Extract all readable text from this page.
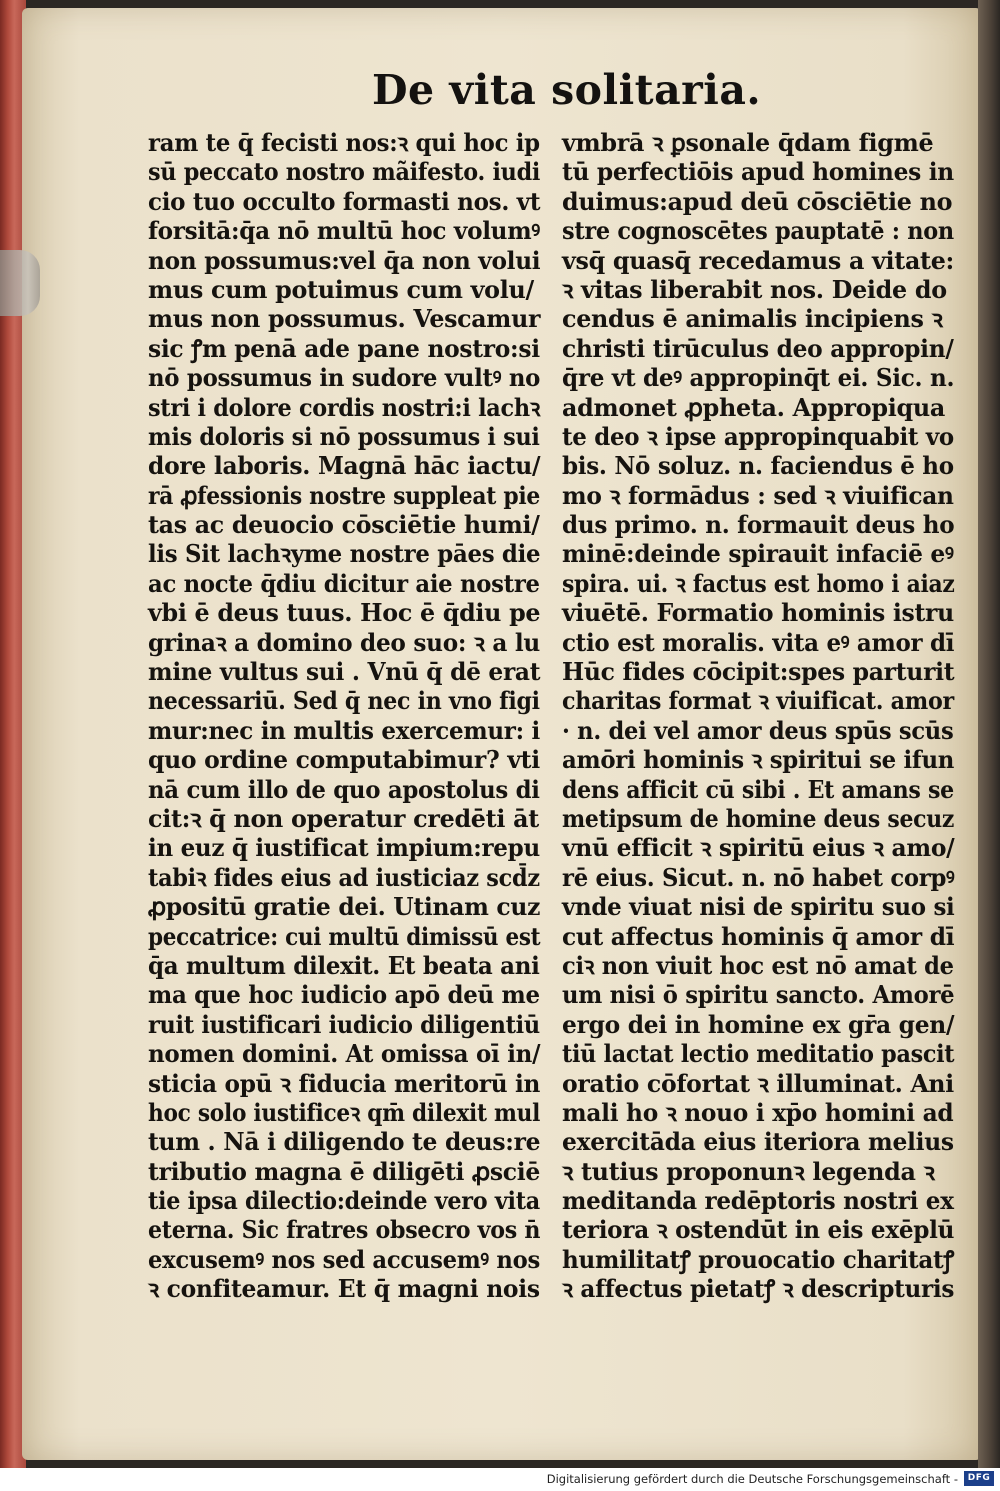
De vita solitaria.
ram te q̄ fecisti nos:ꝛ qui hoc ip
sū peccato nostro mãifesto. iudi
cio tuo occulto formasti nos. vt
forsitā:q̄a nō multū hoc volumꝰ
non possumus:vel q̄a non volui
mus cum potuimus cum volu/
mus non possumus. Vescamur
sic ꝭm penā ade pane nostro:si
nō possumus in sudore vultꝰ no
stri i dolore cordis nostri:i lachꝛ
mis doloris si nō possumus i sui
dore laboris. Magnā hāc iactu/
rā ꝓfessionis nostre suppleat pie
tas ac deuocio cōsciētie humi/
lis Sit lachꝛyme nostre pāes die
ac nocte q̄diu dicitur aie nostre
vbi ē deus tuus. Hoc ē q̄diu pe
grinaꝛ a domino deo suo: ꝛ a lu
mine vultus sui . Vnū q̄ dē erat
necessariū. Sed q̄ nec in vno figi
mur:nec in multis exercemur: i
quo ordine computabimur? vti
nā cum illo de quo apostolus di
cit:ꝛ q̄ non operatur credēti āt
in euz q̄ iustificat impium:repu
tabiꝛ fides eius ad iusticiaz scd̄z
ꝓpositū gratie dei. Utinam cuz
peccatrice: cui multū dimissū est
q̄a multum dilexit. Et beata ani
ma que hoc iudicio apō deū me
ruit iustificari iudicio diligentiū
nomen domini. At omissa oī in/
sticia opū ꝛ fiducia meritorū in
hoc solo iustificeꝛ qm̄ dilexit mul
tum . Nā i diligendo te deus:re
tributio magna ē diligēti ꝓsciē
tie ipsa dilectio:deinde vero vita
eterna. Sic fratres obsecro vos n̄
excusemꝰ nos sed accusemꝰ nos
ꝛ confiteamur. Et q̄ magni nois
vmbrā ꝛ ꝑsonale q̄dam figmē
tū perfectiōis apud homines in
duimus:apud deū cōsciētie no
stre cognoscētes pauptatē : non
vsq̄ quasq̄ recedamus a vitate:
ꝛ vitas liberabit nos. Deide do
cendus ē animalis incipiens ꝛ
christi tirūculus deo appropin/
q̄re vt deꝰ appropinq̄t ei. Sic. n.
admonet ꝓpheta. Appropiqua
te deo ꝛ ipse appropinquabit vo
bis. Nō soluz. n. faciendus ē ho
mo ꝛ formādus : sed ꝛ viuifican
dus primo. n. formauit deus ho
minē:deinde spirauit infaciē eꝰ
spira. ui. ꝛ factus est homo i aiaz
viuētē. Formatio hominis istru
ctio est moralis. vita eꝰ amor dī
Hūc fides cōcipit:spes parturit
charitas format ꝛ viuificat. amor
· n. dei vel amor deus spūs scūs
amōri hominis ꝛ spiritui se ifun
dens afficit cū sibi . Et amans se
metipsum de homine deus secuz
vnū efficit ꝛ spiritū eius ꝛ amo/
rē eius. Sicut. n. nō habet corpꝰ
vnde viuat nisi de spiritu suo si
cut affectus hominis q̄ amor dī
ciꝛ non viuit hoc est nō amat de
um nisi ō spiritu sancto. Amorē
ergo dei in homine ex gr̄a gen/
tiū lactat lectio meditatio pascit
oratio cōfortat ꝛ illuminat. Ani
mali ho ꝛ nouo i xp̄o homini ad
exercitāda eius iteriora melius
ꝛ tutius proponunꝛ legenda ꝛ
meditanda redēptoris nostri ex
teriora ꝛ ostendūt in eis exēplū
humilitatꝭ prouocatio charitatꝭ
ꝛ affectus pietatꝭ ꝛ descripturis
Digitalisierung gefördert durch die Deutsche Forschungsgemeinschaft -	DFG
